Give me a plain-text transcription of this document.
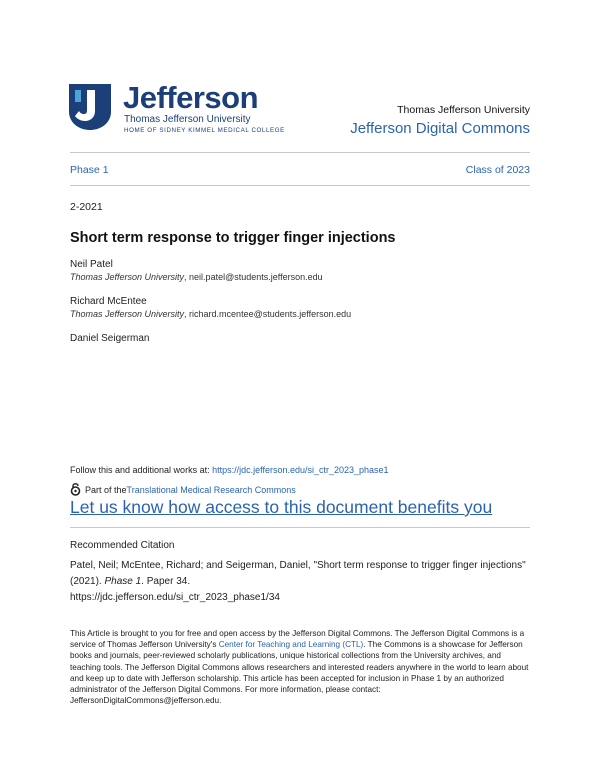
Jefferson
Thomas Jefferson University
HOME OF SIDNEY KIMMEL MEDICAL COLLEGE
Thomas Jefferson University
Jefferson Digital Commons
Phase 1	Class of 2023
2-2021
Short term response to trigger finger injections
Neil Patel
Thomas Jefferson University, neil.patel@students.jefferson.edu
Richard McEntee
Thomas Jefferson University, richard.mcentee@students.jefferson.edu
Daniel Seigerman
Follow this and additional works at: https://jdc.jefferson.edu/si_ctr_2023_phase1
Part of the Translational Medical Research Commons
Let us know how access to this document benefits you
Recommended Citation
Patel, Neil; McEntee, Richard; and Seigerman, Daniel, "Short term response to trigger finger injections" (2021). Phase 1. Paper 34.
https://jdc.jefferson.edu/si_ctr_2023_phase1/34
This Article is brought to you for free and open access by the Jefferson Digital Commons. The Jefferson Digital Commons is a service of Thomas Jefferson University's Center for Teaching and Learning (CTL). The Commons is a showcase for Jefferson books and journals, peer-reviewed scholarly publications, unique historical collections from the University archives, and teaching tools. The Jefferson Digital Commons allows researchers and interested readers anywhere in the world to learn about and keep up to date with Jefferson scholarship. This article has been accepted for inclusion in Phase 1 by an authorized administrator of the Jefferson Digital Commons. For more information, please contact: JeffersonDigitalCommons@jefferson.edu.
